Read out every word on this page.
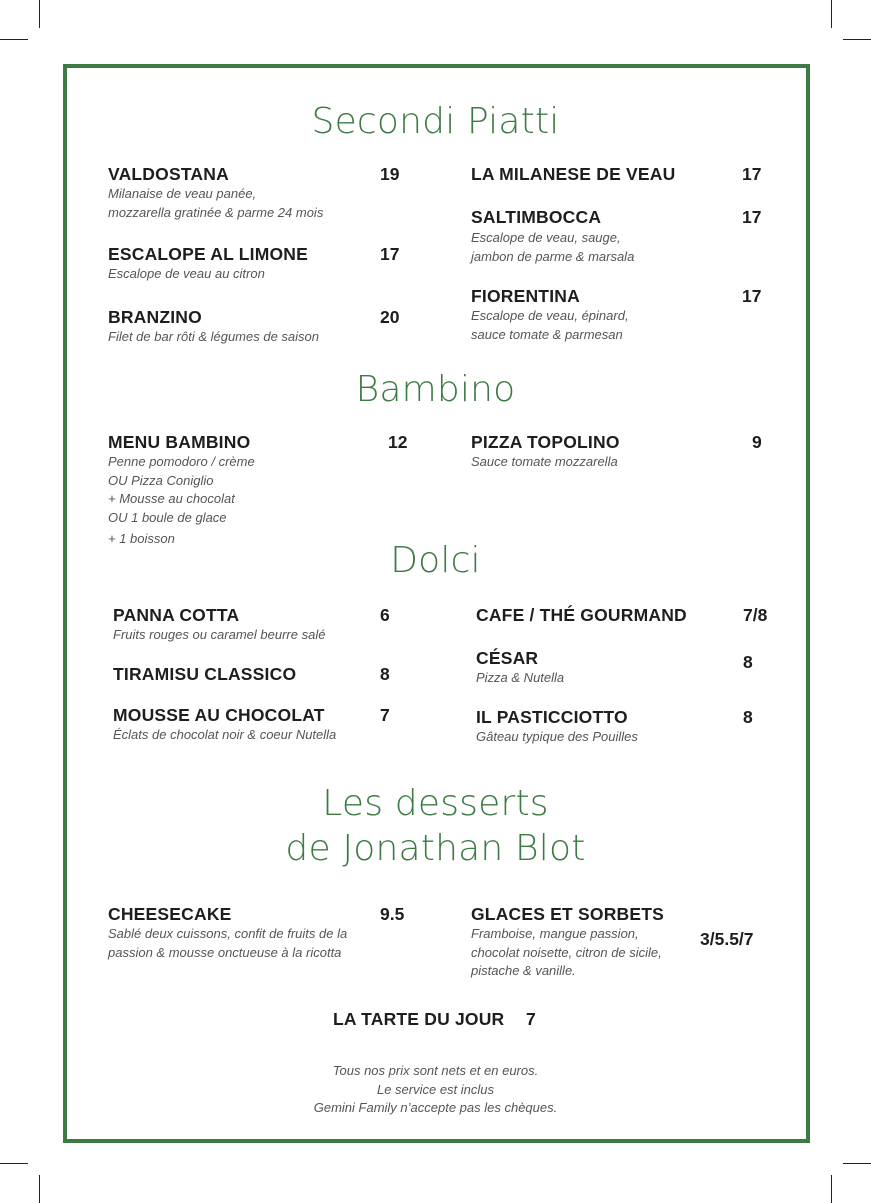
Secondi Piatti
VALDOSTANA	19
Milanaise de veau panée,
mozzarella gratinée & parme 24 mois
ESCALOPE AL LIMONE	17
Escalope de veau au citron
BRANZINO	20
Filet de bar rôti & légumes de saison
LA MILANESE DE VEAU	17
SALTIMBOCCA	17
Escalope de veau, sauge,
jambon de parme & marsala
FIORENTINA	17
Escalope de veau, épinard,
sauce tomate & parmesan
Bambino
MENU BAMBINO	12
Penne pomodoro / crème
OU Pizza Coniglio
+ Mousse au chocolat
OU 1 boule de glace
+ 1 boisson
PIZZA TOPOLINO	9
Sauce tomate mozzarella
Dolci
PANNA COTTA	6
Fruits rouges ou caramel beurre salé
TIRAMISU CLASSICO	8
MOUSSE AU CHOCOLAT	7
Éclats de chocolat noir & coeur Nutella
CAFE / THÉ GOURMAND	7/8
CÉSAR	8
Pizza & Nutella
IL PASTICCIOTTO	8
Gâteau typique des Pouilles
Les desserts
de Jonathan Blot
CHEESECAKE	9.5
Sablé deux cuissons, confit de fruits de la
passion & mousse onctueuse à la ricotta
GLACES ET SORBETS
3/5.5/7
Framboise, mangue passion,
chocolat noisette, citron de sicile,
pistache & vanille.
LA TARTE DU JOUR 7
Tous nos prix sont nets et en euros.
Le service est inclus
Gemini Family n’accepte pas les chèques.
